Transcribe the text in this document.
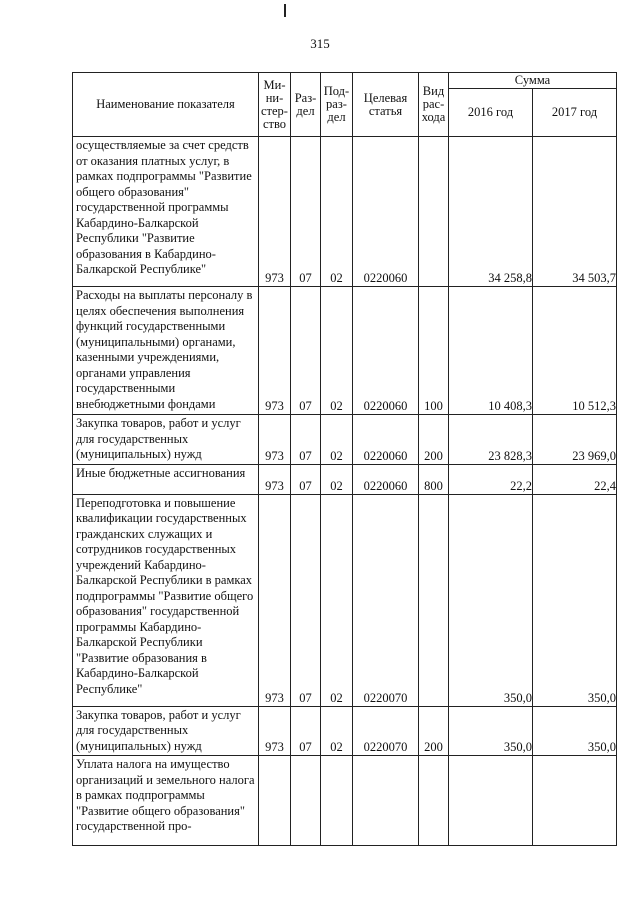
315
Наименование показателя	Ми-
ни-
стер-
ство	Раз-
дел	Под-
раз-
дел	Целевая
статья	Вид
рас-
хода	Сумма	
						2016 год	2017 год
осуществляемые за счет средств от оказания платных услуг, в рамках подпрограммы "Развитие общего образования" государственной программы Кабардино-Балкарской Республики "Развитие образования в Кабардино-Балкарской Республике"	973	07	02	0220060		34 258,8	34 503,7
Расходы на выплаты персоналу в целях обеспечения выполнения функций государственными (муниципальными) органами, казенными учреждениями, органами управления государственными внебюджетными фондами	973	07	02	0220060	100	10 408,3	10 512,3
Закупка товаров, работ и услуг для государственных (муниципальных) нужд	973	07	02	0220060	200	23 828,3	23 969,0
Иные бюджетные ассигнования	973	07	02	0220060	800	22,2	22,4
Переподготовка и повышение квалификации государственных гражданских служащих и сотрудников государственных учреждений Кабардино-Балкарской Республики в рамках подпрограммы "Развитие общего образования" государственной программы Кабардино-Балкарской Республики "Развитие образования в Кабардино-Балкарской Республике"	973	07	02	0220070		350,0	350,0
Закупка товаров, работ и услуг для государственных (муниципальных) нужд	973	07	02	0220070	200	350,0	350,0
Уплата налога на имущество организаций и земельного налога в рамках подпрограммы "Развитие общего образования" государственной про-							
